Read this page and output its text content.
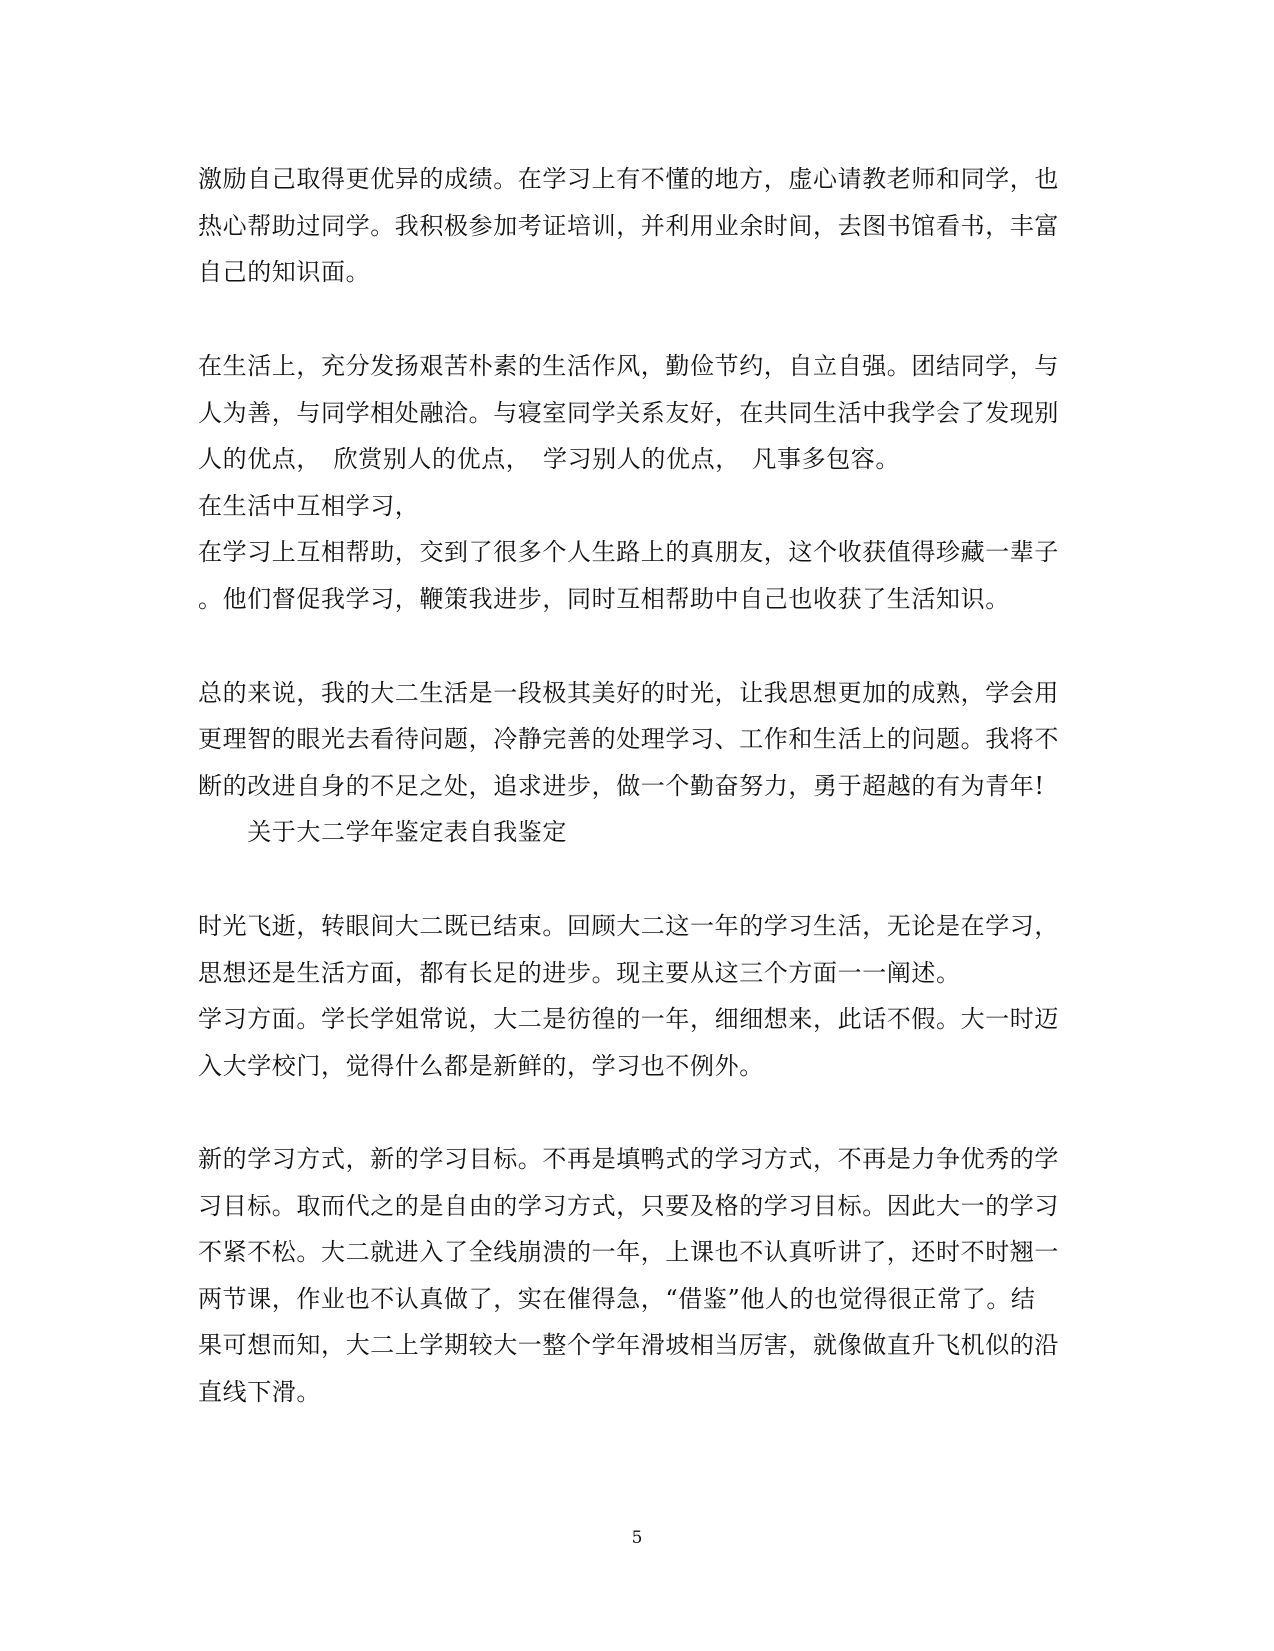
激励自己取得更优异的成绩。在学习上有不懂的地方，虚心请教老师和同学，也
热心帮助过同学。我积极参加考证培训，并利用业余时间，去图书馆看书，丰富
自己的知识面。
在生活上，充分发扬艰苦朴素的生活作风，勤俭节约，自立自强。团结同学，与
人为善，与同学相处融洽。与寝室同学关系友好，在共同生活中我学会了发现别
人的优点，　欣赏别人的优点，　学习别人的优点，　凡事多包容。
在生活中互相学习，
在学习上互相帮助，交到了很多个人生路上的真朋友，这个收获值得珍藏一辈子
。他们督促我学习，鞭策我进步，同时互相帮助中自己也收获了生活知识。
总的来说，我的大二生活是一段极其美好的时光，让我思想更加的成熟，学会用
更理智的眼光去看待问题，冷静完善的处理学习、工作和生活上的问题。我将不
断的改进自身的不足之处，追求进步，做一个勤奋努力，勇于超越的有为青年!
　　关于大二学年鉴定表自我鉴定
时光飞逝，转眼间大二既已结束。回顾大二这一年的学习生活，无论是在学习，
思想还是生活方面，都有长足的进步。现主要从这三个方面一一阐述。
学习方面。学长学姐常说，大二是彷徨的一年，细细想来，此话不假。大一时迈
入大学校门，觉得什么都是新鲜的，学习也不例外。
新的学习方式，新的学习目标。不再是填鸭式的学习方式，不再是力争优秀的学
习目标。取而代之的是自由的学习方式，只要及格的学习目标。因此大一的学习
不紧不松。大二就进入了全线崩溃的一年，上课也不认真听讲了，还时不时翘一
两节课，作业也不认真做了，实在催得急，“借鉴”他人的也觉得很正常了。结
果可想而知，大二上学期较大一整个学年滑坡相当厉害，就像做直升飞机似的沿
直线下滑。
5
